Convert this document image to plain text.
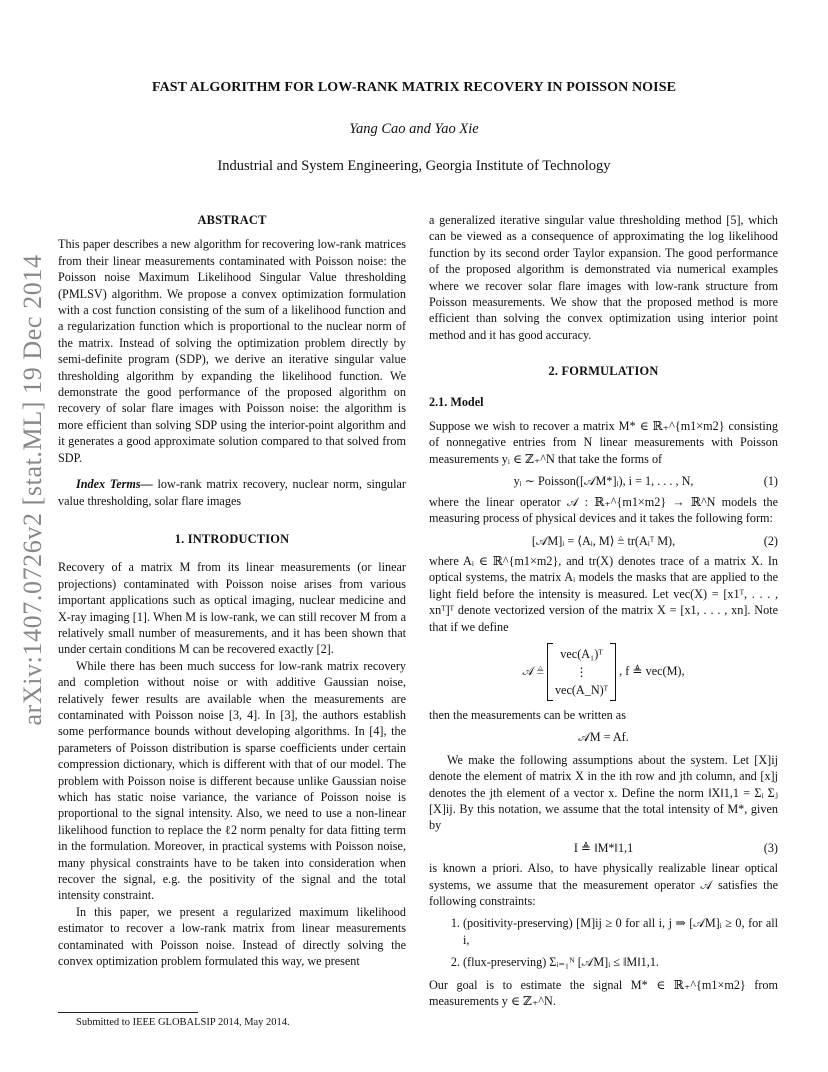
FAST ALGORITHM FOR LOW-RANK MATRIX RECOVERY IN POISSON NOISE
Yang Cao and Yao Xie
Industrial and System Engineering, Georgia Institute of Technology
arXiv:1407.0726v2 [stat.ML] 19 Dec 2014
ABSTRACT

This paper describes a new algorithm for recovering low-rank matrices from their linear measurements contaminated with Poisson noise: the Poisson noise Maximum Likelihood Singular Value thresholding (PMLSV) algorithm. We propose a convex optimization formulation with a cost function consisting of the sum of a likelihood function and a regularization function which is proportional to the nuclear norm of the matrix. Instead of solving the optimization problem directly by semi-definite program (SDP), we derive an iterative singular value thresholding algorithm by expanding the likelihood function. We demonstrate the good performance of the proposed algorithm on recovery of solar flare images with Poisson noise: the algorithm is more efficient than solving SDP using the interior-point algorithm and it generates a good approximate solution compared to that solved from SDP.

Index Terms— low-rank matrix recovery, nuclear norm, singular value thresholding, solar flare images

1. INTRODUCTION

Recovery of a matrix M from its linear measurements (or linear projections) contaminated with Poisson noise arises from various important applications such as optical imaging, nuclear medicine and X-ray imaging [1]. When M is low-rank, we can still recover M from a relatively small number of measurements, and it has been shown that under certain conditions M can be recovered exactly [2].

While there has been much success for low-rank matrix recovery and completion without noise or with additive Gaussian noise, relatively fewer results are available when the measurements are contaminated with Poisson noise [3, 4]. In [3], the authors establish some performance bounds without developing algorithms. In [4], the parameters of Poisson distribution is sparse coefficients under certain compression dictionary, which is different with that of our model. The problem with Poisson noise is different because unlike Gaussian noise which has static noise variance, the variance of Poisson noise is proportional to the signal intensity. Also, we need to use a non-linear likelihood function to replace the ℓ2 norm penalty for data fitting term in the formulation. Moreover, in practical systems with Poisson noise, many physical constraints have to be taken into consideration when recover the signal, e.g. the positivity of the signal and the total intensity constraint.

In this paper, we present a regularized maximum likelihood estimator to recover a low-rank matrix from linear measurements contaminated with Poisson noise. Instead of directly solving the convex optimization problem formulated this way, we present

Submitted to IEEE GLOBALSIP 2014, May 2014.

a generalized iterative singular value thresholding method [5], which can be viewed as a consequence of approximating the log likelihood function by its second order Taylor expansion. The good performance of the proposed algorithm is demonstrated via numerical examples where we recover solar flare images with low-rank structure from Poisson measurements. We show that the proposed method is more efficient than solving the convex optimization using interior point method and it has good accuracy.

2. FORMULATION
2.1. Model

Suppose we wish to recover a matrix M* ∈ ℝ₊^{m1×m2} consisting of nonnegative entries from N linear measurements with Poisson measurements yᵢ ∈ ℤ₊^N that take the forms of

yᵢ ∼ Poisson([𝒜M*]ᵢ), i = 1, . . . , N,	(1)

where the linear operator 𝒜 : ℝ₊^{m1×m2} → ℝ^N models the measuring process of physical devices and it takes the following form:

[𝒜M]ᵢ = ⟨Aᵢ, M⟩ ≜ tr(Aᵢᵀ M),	(2)

where Aᵢ ∈ ℝ^{m1×m2}, and tr(X) denotes trace of a matrix X. In optical systems, the matrix Aᵢ models the masks that are applied to the light field before the intensity is measured. Let vec(X) = [x1ᵀ, . . . , xnᵀ]ᵀ denote vectorized version of the matrix X = [x1, . . . , xn]. Note that if we define

𝒜 ≜
vec(A₁)ᵀ
⋮
vec(A_N)ᵀ
, f ≜ vec(M),

then the measurements can be written as

𝒜M = Af.

We make the following assumptions about the system. Let [X]ij denote the element of matrix X in the ith row and jth column, and [x]j denotes the jth element of a vector x. Define the norm ‖X‖1,1 = Σᵢ Σⱼ [X]ij. By this notation, we assume that the total intensity of M*, given by

I ≜ ‖M*‖1,1	(3)

is known a priori. Also, to have physically realizable linear optical systems, we assume that the measurement operator 𝒜 satisfies the following constraints:

1. (positivity-preserving) [M]ij ≥ 0 for all i, j ⇒ [𝒜M]ᵢ ≥ 0, for all i,
2. (flux-preserving) Σᵢ₌₁ᴺ [𝒜M]ᵢ ≤ ‖M‖1,1.

Our goal is to estimate the signal M* ∈ ℝ₊^{m1×m2} from measurements y ∈ ℤ₊^N.
